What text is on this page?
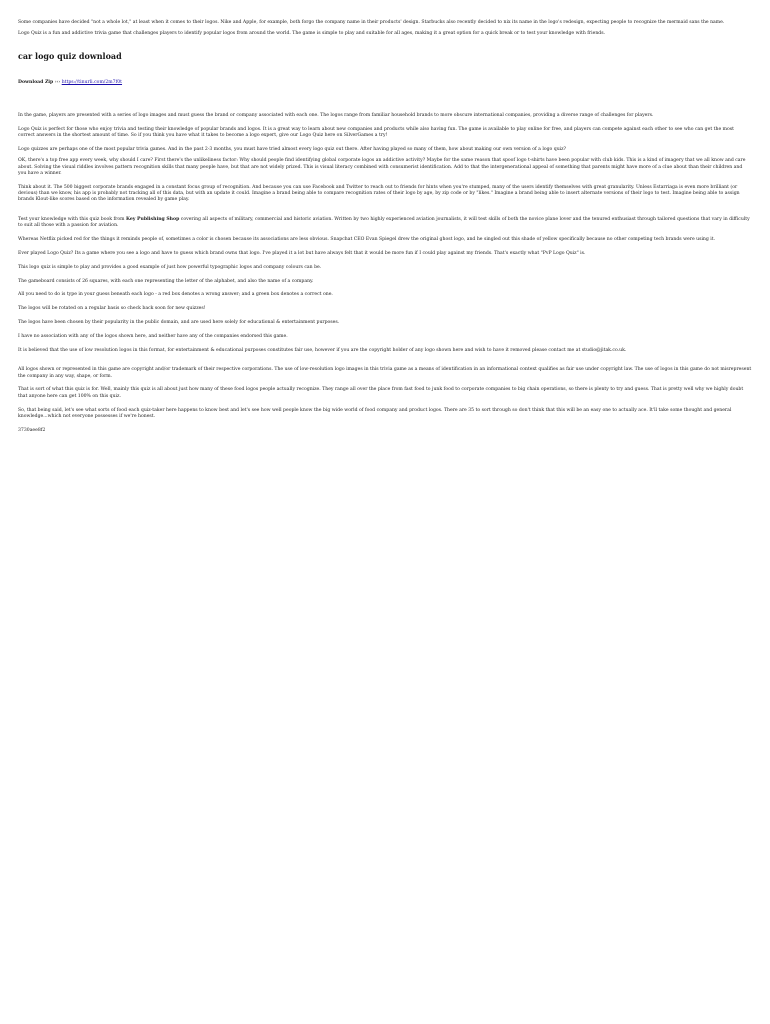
Some companies have decided "not a whole lot," at least when it comes to their logos. Nike and Apple, for example, both forgo the company name in their products' design. Starbucks also recently decided to nix its name in the logo's redesign, expecting people to recognize the mermaid sans the name.

Logo Quiz is a fun and addictive trivia game that challenges players to identify popular logos from around the world. The game is simple to play and suitable for all ages, making it a great option for a quick break or to test your knowledge with friends.

car logo quiz download
Download Zip ››› https://tinurli.com/2m7f0t

In the game, players are presented with a series of logo images and must guess the brand or company associated with each one. The logos range from familiar household brands to more obscure international companies, providing a diverse range of challenges for players.

Logo Quiz is perfect for those who enjoy trivia and testing their knowledge of popular brands and logos. It is a great way to learn about new companies and products while also having fun. The game is available to play online for free, and players can compete against each other to see who can get the most correct answers in the shortest amount of time. So if you think you have what it takes to become a logo expert, give our Logo Quiz here on SilverGames a try!

Logo quizzes are perhaps one of the most popular trivia games. And in the past 2-3 months, you must have tried almost every logo quiz out there. After having played so many of them, how about making our own version of a logo quiz?

OK, there's a top free app every week, why should I care? First there's the unlikeliness factor: Why should people find identifying global corporate logos an addictive activity? Maybe for the same reason that spoof logo t-shirts have been popular with club kids. This is a kind of imagery that we all know and care about. Solving the visual riddles involves pattern recognition skills that many people have, but that are not widely prized. This is visual literacy combined with consumerist identification. Add to that the intergenerational appeal of something that parents might have more of a clue about than their children and you have a winner.

Think about it. The 500 biggest corporate brands engaged in a constant focus group of recognition. And because you can use Facebook and Twitter to reach out to friends for hints when you're stumped, many of the users identify themselves with great granularity. Unless Estarriaga is even more brilliant (or devious) than we know, his app is probably not tracking all of this data, but with an update it could. Imagine a brand being able to compare recognition rates of their logo by age, by zip code or by "likes." Imagine a brand being able to insert alternate versions of their logo to test. Imagine being able to assign brands Klout-like scores based on the information revealed by game play.

Test your knowledge with this quiz book from Key Publishing Shop covering all aspects of military, commercial and historic aviation. Written by two highly experienced aviation journalists, it will test skills of both the novice plane lover and the tenured enthusiast through tailored questions that vary in difficulty to suit all those with a passion for aviation.

Whereas Netflix picked red for the things it reminds people of, sometimes a color is chosen because its associations are less obvious. Snapchat CEO Evan Spiegel drew the original ghost logo, and he singled out this shade of yellow specifically because no other competing tech brands were using it.

Ever played Logo Quiz? Its a game where you see a logo and have to guess which brand owns that logo. I've played it a lot but have always felt that it would be more fun if I could play against my friends. That's exactly what "PvP Logo Quiz" is.

This logo quiz is simple to play and provides a good example of just how powerful typographic logos and company colours can be.

The gameboard consists of 26 squares, with each one representing the letter of the alphabet, and also the name of a company.

All you need to do is type in your guess beneath each logo - a red box denotes a wrong answer; and a green box denotes a correct one.

The logos will be rotated on a regular basis so check back soon for new quizzes!

The logos have been chosen by their popularity in the public domain, and are used here solely for educational & entertainment purposes.

I have no association with any of the logos shown here, and neither have any of the companies endorsed this game.

It is believed that the use of low resolution logos in this format, for entertainment & educational purposes constitutes fair use, however if you are the copyright holder of any logo shown here and wish to have it removed please contact me at studio@jitak.co.uk.

All logos shown or represented in this game are copyright and/or trademark of their respective corporations. The use of low-resolution logo images in this trivia game as a means of identification in an informational context qualifies as fair use under copyright law. The use of logos in this game do not misrepresent the company in any way, shape, or form.

That is sort of what this quiz is for. Well, mainly this quiz is all about just how many of these food logos people actually recognize. They range all over the place from fast food to junk food to corporate companies to big chain operations, so there is plenty to try and guess. That is pretty well why we highly doubt that anyone here can get 100% on this quiz.

So, that being said, let's see what sorts of food each quiz-taker here happens to know best and let's see how well people know the big wide world of food company and product logos. There are 35 to sort through so don't think that this will be an easy one to actually ace. It'll take some thought and general knowledge...which not everyone possesses if we're honest.

3730aee8f2
